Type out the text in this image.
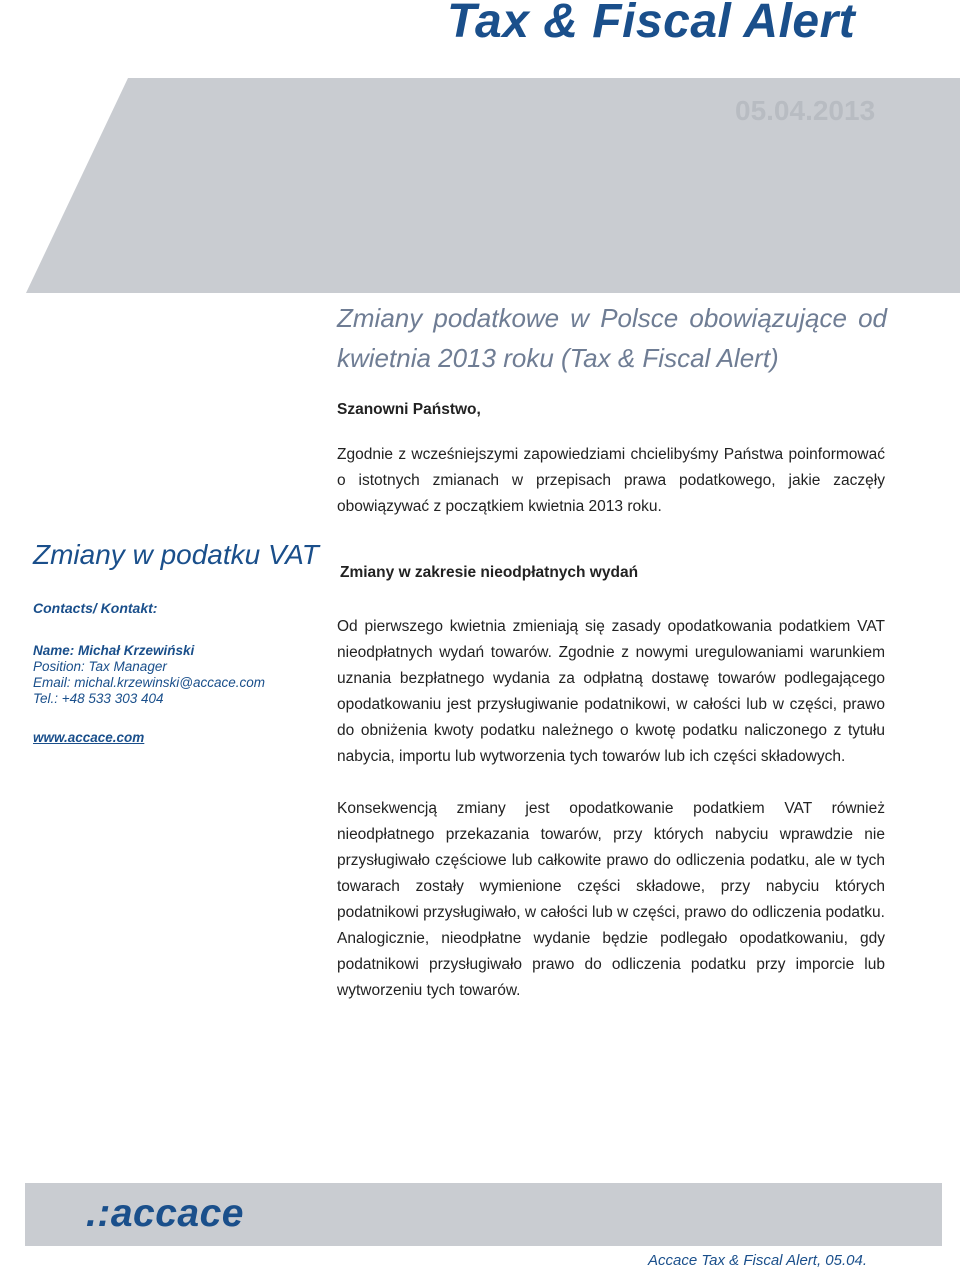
Tax & Fiscal Alert
05.04.2013
Zmiany podatkowe w Polsce obowiązujące od kwietnia 2013 roku (Tax & Fiscal Alert)
Szanowni Państwo,
Zgodnie z wcześniejszymi zapowiedziami chcielibyśmy Państwa poinformować o istotnych zmianach w przepisach prawa podatkowego, jakie zaczęły obowiązywać z początkiem kwietnia 2013 roku.
Zmiany w podatku VAT
Contacts/ Kontakt:
Name: Michał Krzewiński
Position: Tax Manager
Email: michal.krzewinski@accace.com
Tel.: +48 533 303 404
www.accace.com
Zmiany w zakresie nieodpłatnych wydań
Od pierwszego kwietnia zmieniają się zasady opodatkowania podatkiem VAT nieodpłatnych wydań towarów. Zgodnie z nowymi uregulowaniami warunkiem uznania bezpłatnego wydania za odpłatną dostawę towarów podlegającego opodatkowaniu jest przysługiwanie podatnikowi, w całości lub w części, prawo do obniżenia kwoty podatku należnego o kwotę podatku naliczonego z tytułu nabycia, importu lub wytworzenia tych towarów lub ich części składowych.
Konsekwencją zmiany jest opodatkowanie podatkiem VAT również nieodpłatnego przekazania towarów, przy których nabyciu wprawdzie nie przysługiwało częściowe lub całkowite prawo do odliczenia podatku, ale w tych towarach zostały wymienione części składowe, przy nabyciu których podatnikowi przysługiwało, w całości lub w części, prawo do odliczenia podatku. Analogicznie, nieodpłatne wydanie będzie podlegało opodatkowaniu, gdy podatnikowi przysługiwało prawo do odliczenia podatku przy imporcie lub wytworzeniu tych towarów.
.:accace
Accace Tax & Fiscal Alert, 05.04.
